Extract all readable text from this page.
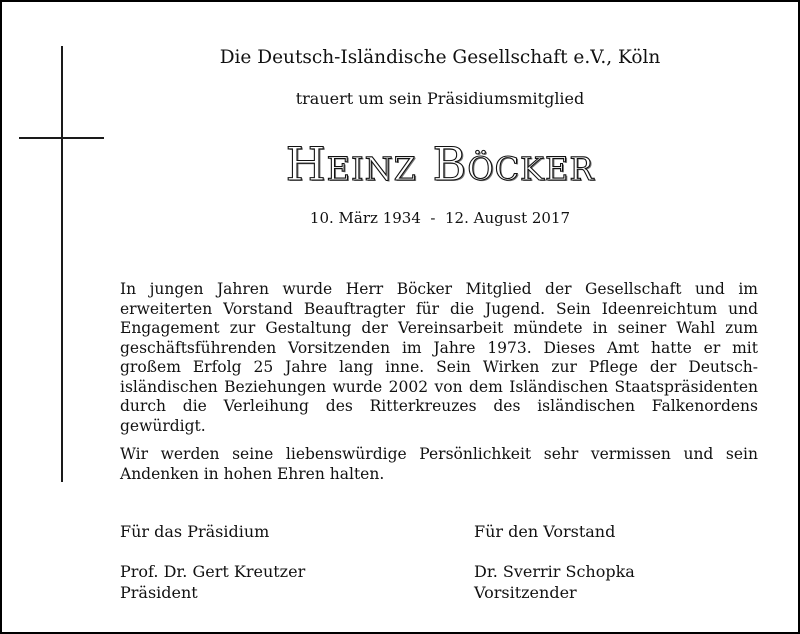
Die Deutsch-Isländische Gesellschaft e.V., Köln
trauert um sein Präsidiumsmitglied
Heinz Böcker
10. März 1934  -  12. August 2017

In jungen Jahren wurde Herr Böcker Mitglied der Gesellschaft und im erweiterten Vorstand Beauftragter für die Jugend. Sein Ideenreichtum und Engagement zur Gestaltung der Vereinsarbeit mündete in seiner Wahl zum geschäftsführenden Vorsitzenden im Jahre 1973. Dieses Amt hatte er mit großem Erfolg 25 Jahre lang inne. Sein Wirken zur Pflege der Deutsch-isländischen Beziehungen wurde 2002 von dem Isländischen Staatspräsidenten durch die Verleihung des Ritterkreuzes des isländischen Falkenordens gewürdigt.

Wir werden seine liebenswürdige Persönlichkeit sehr vermissen und sein Andenken in hohen Ehren halten.

Für das Präsidium
Prof. Dr. Gert Kreutzer
Präsident
Für den Vorstand
Dr. Sverrir Schopka
Vorsitzender
